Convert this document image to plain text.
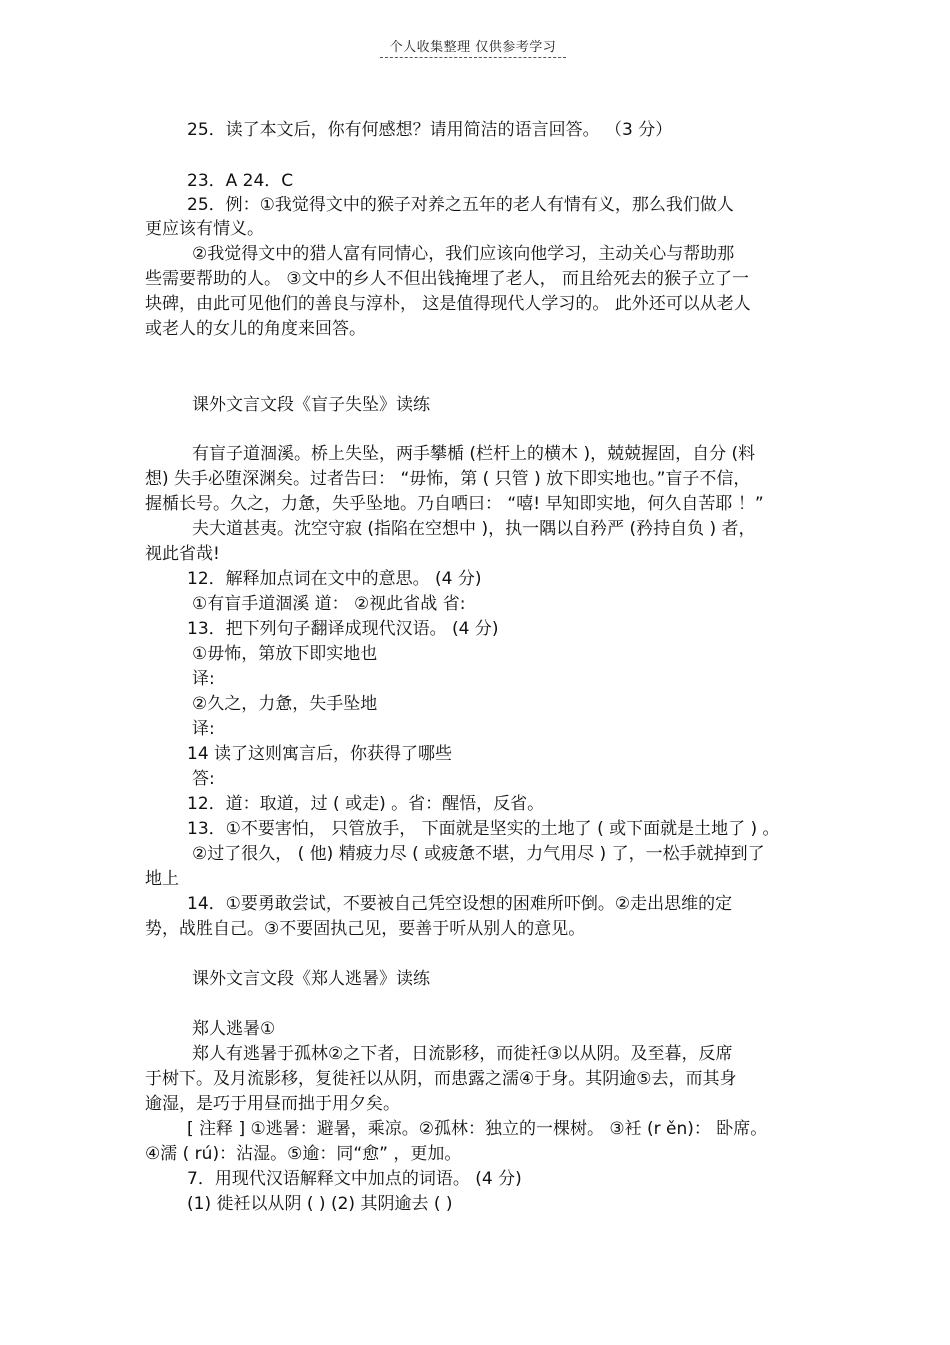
个人收集整理 仅供参考学习
25．读了本文后，你有何感想？请用简洁的语言回答。 （3 分）
23．A 24．C
25．例：①我觉得文中的猴子对养之五年的老人有情有义，那么我们做人
更应该有情义。
②我觉得文中的猎人富有同情心，我们应该向他学习，主动关心与帮助那
些需要帮助的人。 ③文中的乡人不但出钱掩埋了老人， 而且给死去的猴子立了一
块碑，由此可见他们的善良与淳朴， 这是值得现代人学习的。 此外还可以从老人
或老人的女儿的角度来回答。
课外文言文段《盲子失坠》读练
有盲子道涸溪。桥上失坠，两手攀楯 (栏杆上的横木 )，兢兢握固，自分 (料
想) 失手必堕深渊矣。过者告曰： “毋怖，第 ( 只管 ) 放下即实地也。”盲子不信，
握楯长号。久之，力惫，失乎坠地。乃自哂曰： “嘻! 早知即实地，何久自苦耶 ！”
夫大道甚夷。沈空守寂 (指陷在空想中 )，执一隅以自矜严 (矜持自负 ) 者，
视此省哉!
12．解释加点词在文中的意思。 (4 分)
①有盲手道涸溪 道： ②视此省战 省:
13．把下列句子翻译成现代汉语。 (4 分)
①毋怖，第放下即实地也
译:
②久之，力惫，失手坠地
译:
14 读了这则寓言后，你获得了哪些
答:
12．道：取道，过 ( 或走) 。省：醒悟，反省。
13．①不要害怕， 只管放手， 下面就是坚实的土地了 ( 或下面就是土地了 ) 。
②过了很久， ( 他) 精疲力尽 ( 或疲惫不堪，力气用尽 ) 了，一松手就掉到了
地上
14．①要勇敢尝试，不要被自己凭空设想的困难所吓倒。②走出思维的定
势，战胜自己。③不要固执己见，要善于听从别人的意见。
课外文言文段《郑人逃暑》读练
郑人逃暑①
郑人有逃暑于孤林②之下者，日流影移，而徙衽③以从阴。及至暮，反席
于树下。及月流影移，复徙衽以从阴，而患露之濡④于身。其阴逾⑤去，而其身
逾湿，是巧于用昼而拙于用夕矣。
[ 注释 ] ①逃暑：避暑，乘凉。②孤林：独立的一棵树。 ③衽 (r ěn)： 卧席。
④濡 ( rú)：沾湿。⑤逾：同“愈” ，更加。
7．用现代汉语解释文中加点的词语。 (4 分)
(1) 徙衽以从阴 ( ) (2) 其阴逾去 ( )
